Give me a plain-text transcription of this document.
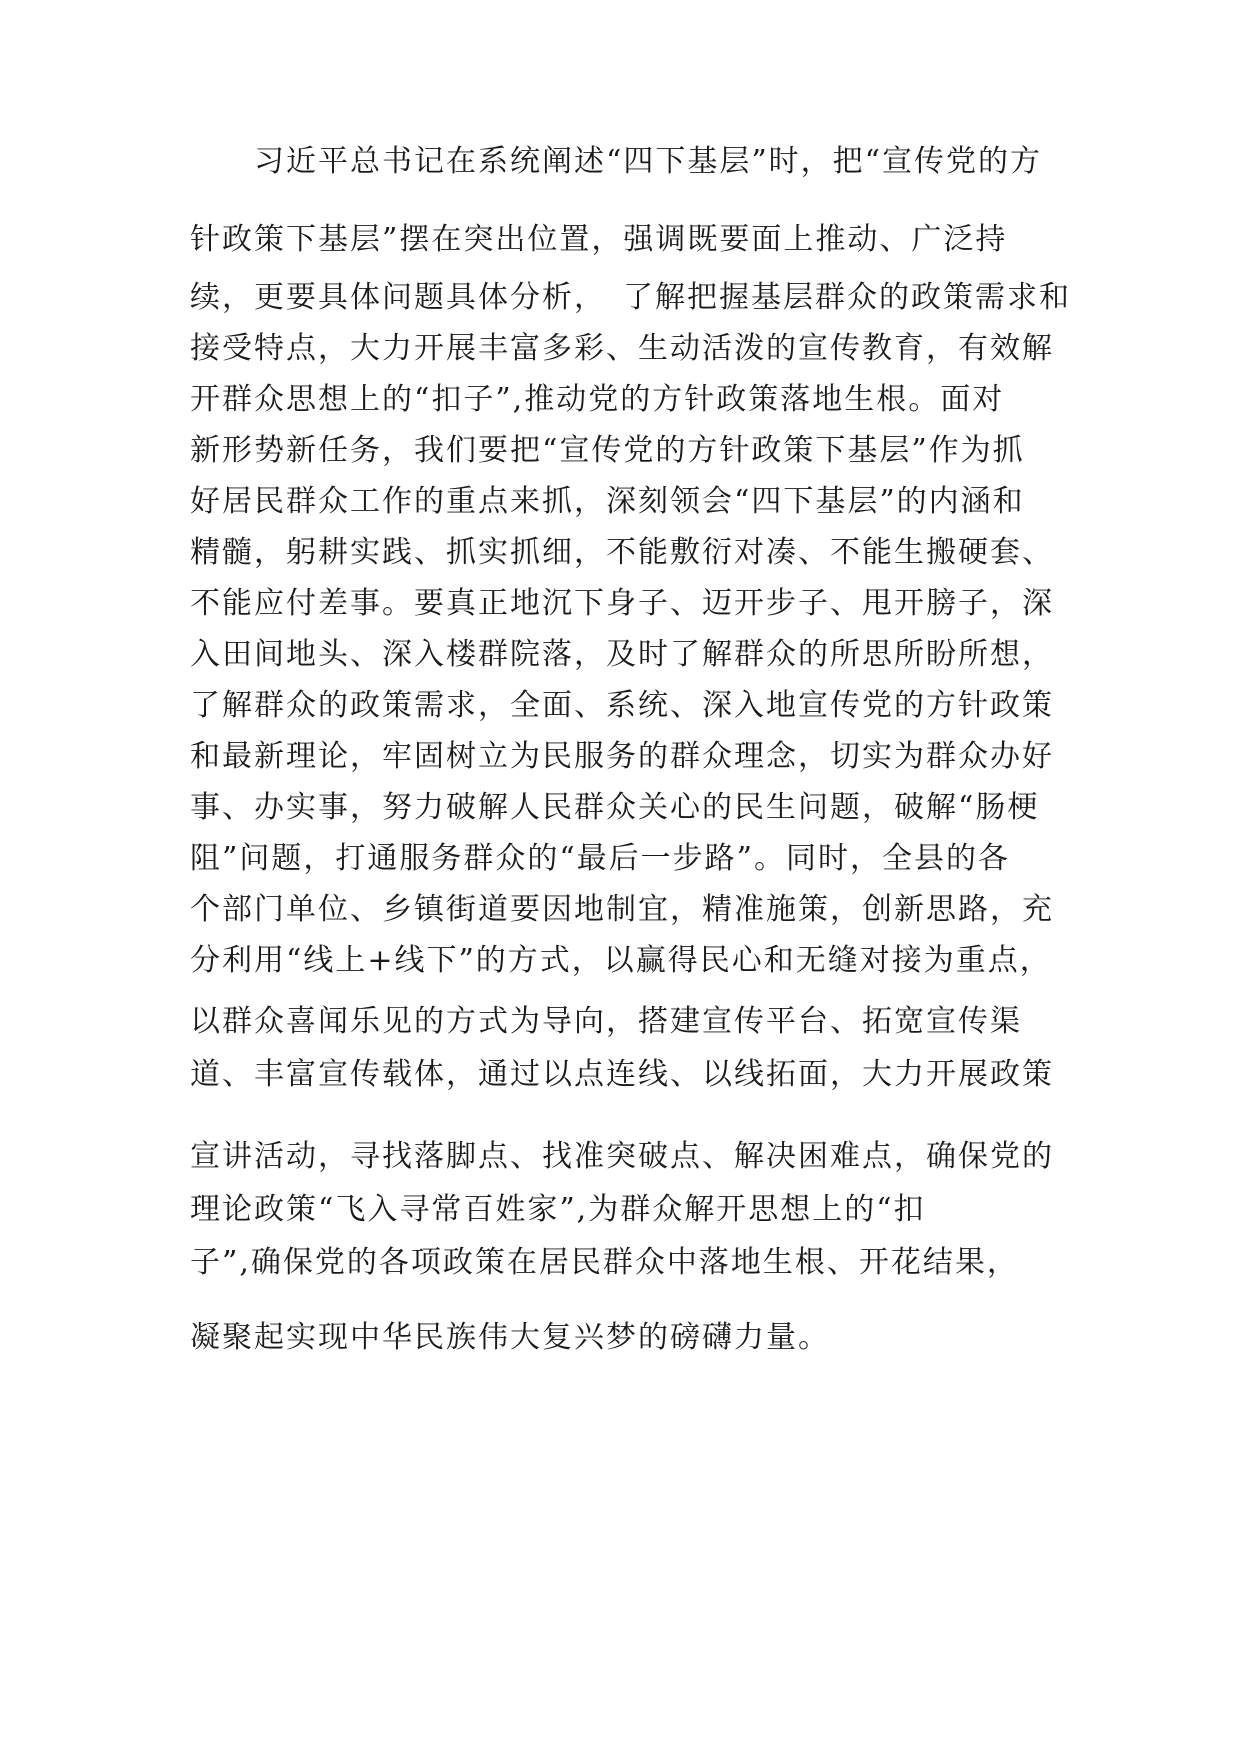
　　习近平总书记在系统阐述“四下基层”时，把“宣传党的方
针政策下基层”摆在突出位置，强调既要面上推动、广泛持
续，更要具体问题具体分析，　了解把握基层群众的政策需求和
接受特点，大力开展丰富多彩、生动活泼的宣传教育，有效解
开群众思想上的“扣子”,推动党的方针政策落地生根。面对
新形势新任务，我们要把“宣传党的方针政策下基层”作为抓
好居民群众工作的重点来抓，深刻领会“四下基层”的内涵和
精髓，躬耕实践、抓实抓细，不能敷衍对凑、不能生搬硬套、
不能应付差事。要真正地沉下身子、迈开步子、甩开膀子，深
入田间地头、深入楼群院落，及时了解群众的所思所盼所想，
了解群众的政策需求，全面、系统、深入地宣传党的方针政策
和最新理论，牢固树立为民服务的群众理念，切实为群众办好
事、办实事，努力破解人民群众关心的民生问题，破解“肠梗
阻”问题，打通服务群众的“最后一步路”。同时，全县的各
个部门单位、乡镇街道要因地制宜，精准施策，创新思路，充
分利用“线上+线下”的方式，以赢得民心和无缝对接为重点，
以群众喜闻乐见的方式为导向，搭建宣传平台、拓宽宣传渠
道、丰富宣传载体，通过以点连线、以线拓面，大力开展政策
宣讲活动，寻找落脚点、找准突破点、解决困难点，确保党的
理论政策“飞入寻常百姓家”,为群众解开思想上的“扣
子”,确保党的各项政策在居民群众中落地生根、开花结果，
凝聚起实现中华民族伟大复兴梦的磅礴力量。
